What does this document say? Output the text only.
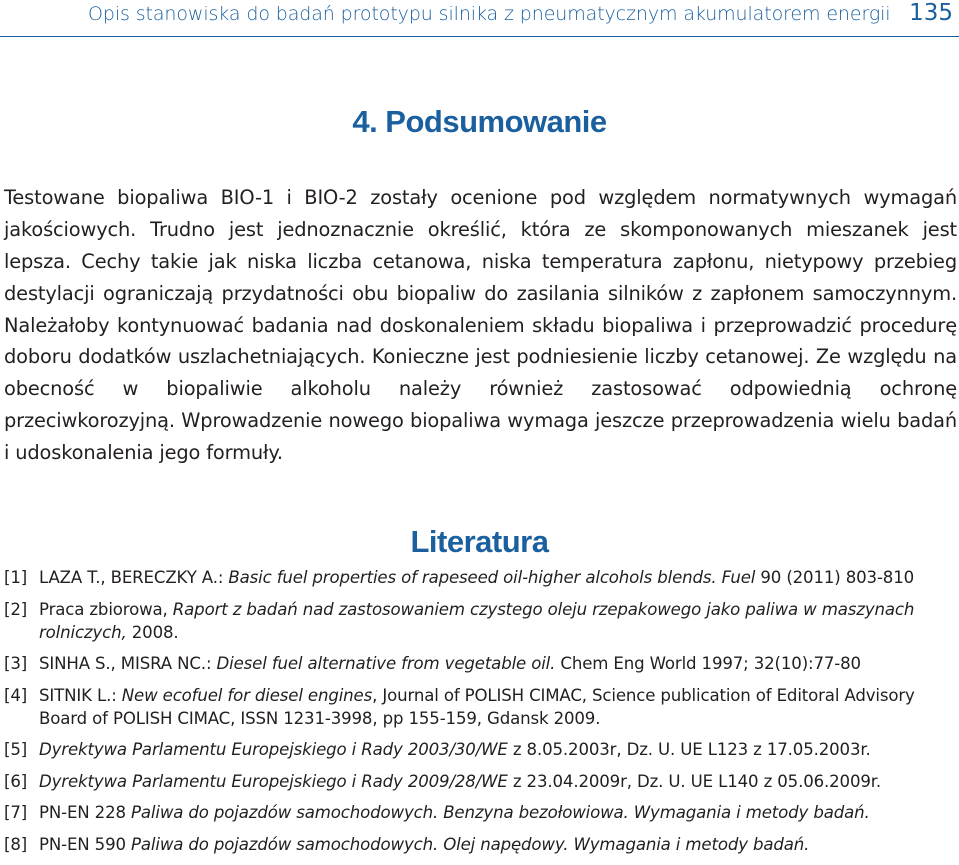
Opis stanowiska do badań prototypu silnika z pneumatycznym akumulatorem energii 135
4. Podsumowanie

Testowane biopaliwa BIO-1 i BIO-2 zostały ocenione pod względem normatywnych wymagań jakościowych. Trudno jest jednoznacznie określić, która ze skomponowanych mieszanek jest lepsza. Cechy takie jak niska liczba cetanowa, niska temperatura zapłonu, nietypowy przebieg destylacji ograniczają przydatności obu biopaliw do zasilania silników z zapłonem samoczynnym. Należałoby kontynuować badania nad doskonaleniem składu biopaliwa i przeprowadzić procedurę doboru dodatków uszlachetniających. Konieczne jest podniesienie liczby cetanowej. Ze względu na obecność w biopaliwie alkoholu należy również zastosować odpowiednią ochronę przeciwkorozyjną. Wprowadzenie nowego biopaliwa wymaga jeszcze przeprowadzenia wielu badań i udoskonalenia jego formuły.

Literatura
[1] LAZA T., BERECZKY A.: Basic fuel properties of rapeseed oil-higher alcohols blends. Fuel 90 (2011) 803-810
[2] Praca zbiorowa, Raport z badań nad zastosowaniem czystego oleju rzepakowego jako paliwa w maszynach rolniczych, 2008.
[3] SINHA S., MISRA NC.: Diesel fuel alternative from vegetable oil. Chem Eng World 1997; 32(10):77-80
[4] SITNIK L.: New ecofuel for diesel engines, Journal of POLISH CIMAC, Science publication of Editoral Advisory Board of POLISH CIMAC, ISSN 1231-3998, pp 155-159, Gdansk 2009.
[5] Dyrektywa Parlamentu Europejskiego i Rady 2003/30/WE z 8.05.2003r, Dz. U. UE L123 z 17.05.2003r.
[6] Dyrektywa Parlamentu Europejskiego i Rady 2009/28/WE z 23.04.2009r, Dz. U. UE L140 z 05.06.2009r.
[7] PN-EN 228 Paliwa do pojazdów samochodowych. Benzyna bezołowiowa. Wymagania i metody badań.
[8] PN-EN 590 Paliwa do pojazdów samochodowych. Olej napędowy. Wymagania i metody badań.
